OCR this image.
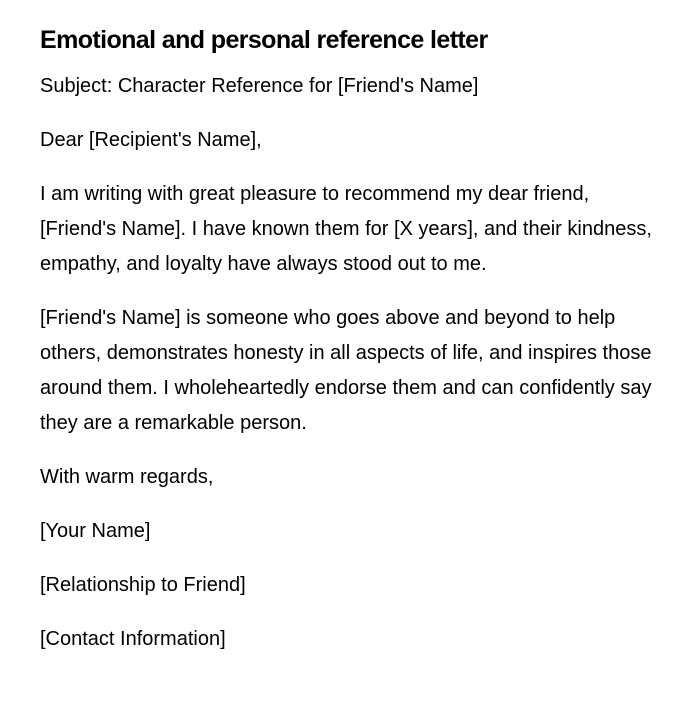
Emotional and personal reference letter

Subject: Character Reference for [Friend's Name]

Dear [Recipient's Name],

I am writing with great pleasure to recommend my dear friend, [Friend's Name]. I have known them for [X years], and their kindness, empathy, and loyalty have always stood out to me.

[Friend's Name] is someone who goes above and beyond to help others, demonstrates honesty in all aspects of life, and inspires those around them. I wholeheartedly endorse them and can confidently say they are a remarkable person.

With warm regards,

[Your Name]

[Relationship to Friend]

[Contact Information]
